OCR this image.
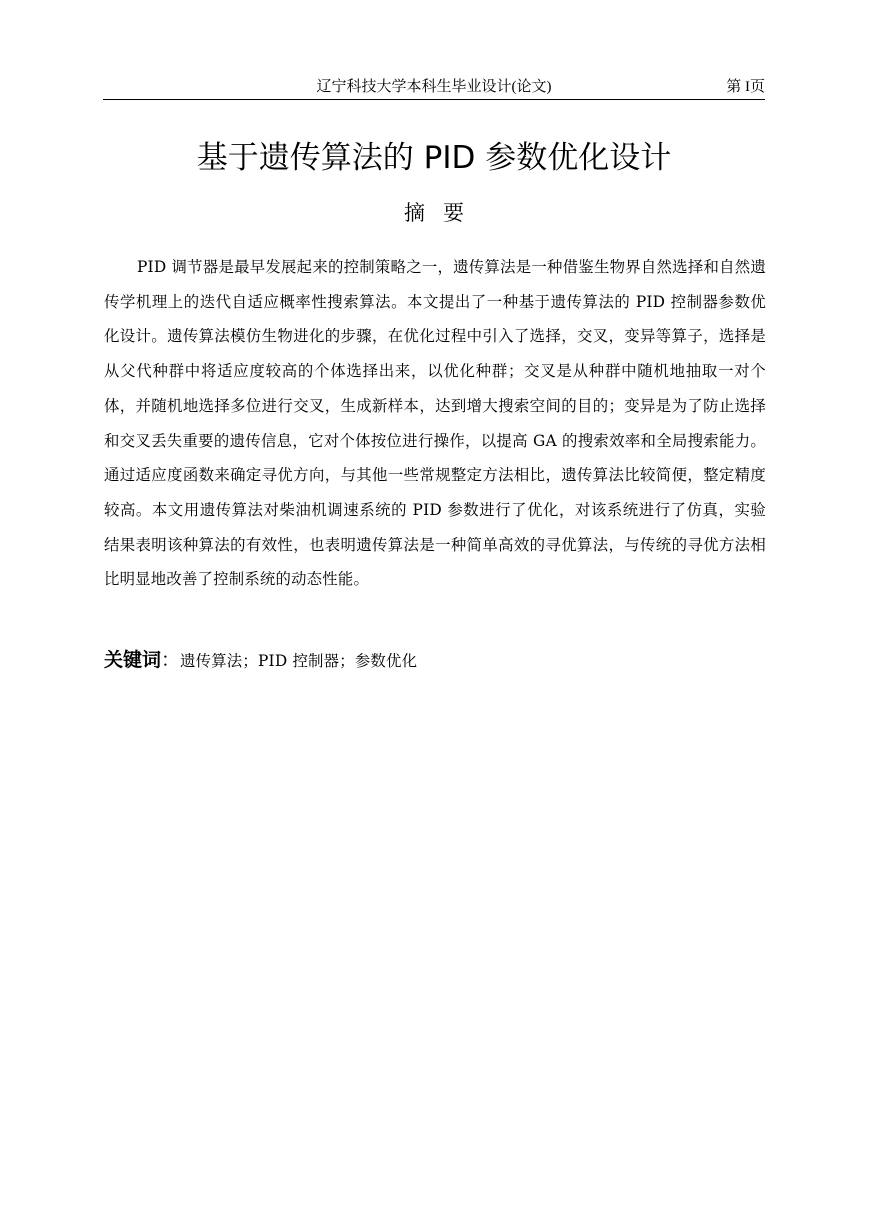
辽宁科技大学本科生毕业设计(论文)	第 I页
基于遗传算法的 PID 参数优化设计
摘要

PID 调节器是最早发展起来的控制策略之一，遗传算法是一种借鉴生物界自然选择和自然遗传学机理上的迭代自适应概率性搜索算法。本文提出了一种基于遗传算法的 PID 控制器参数优化设计。遗传算法模仿生物进化的步骤，在优化过程中引入了选择，交叉，变异等算子，选择是从父代种群中将适应度较高的个体选择出来，以优化种群；交叉是从种群中随机地抽取一对个体，并随机地选择多位进行交叉，生成新样本，达到增大搜索空间的目的；变异是为了防止选择和交叉丢失重要的遗传信息，它对个体按位进行操作，以提高 GA 的搜索效率和全局搜索能力。通过适应度函数来确定寻优方向，与其他一些常规整定方法相比，遗传算法比较简便，整定精度较高。本文用遗传算法对柴油机调速系统的 PID 参数进行了优化，对该系统进行了仿真，实验结果表明该种算法的有效性，也表明遗传算法是一种简单高效的寻优算法，与传统的寻优方法相比明显地改善了控制系统的动态性能。

关键词：遗传算法；PID 控制器；参数优化
